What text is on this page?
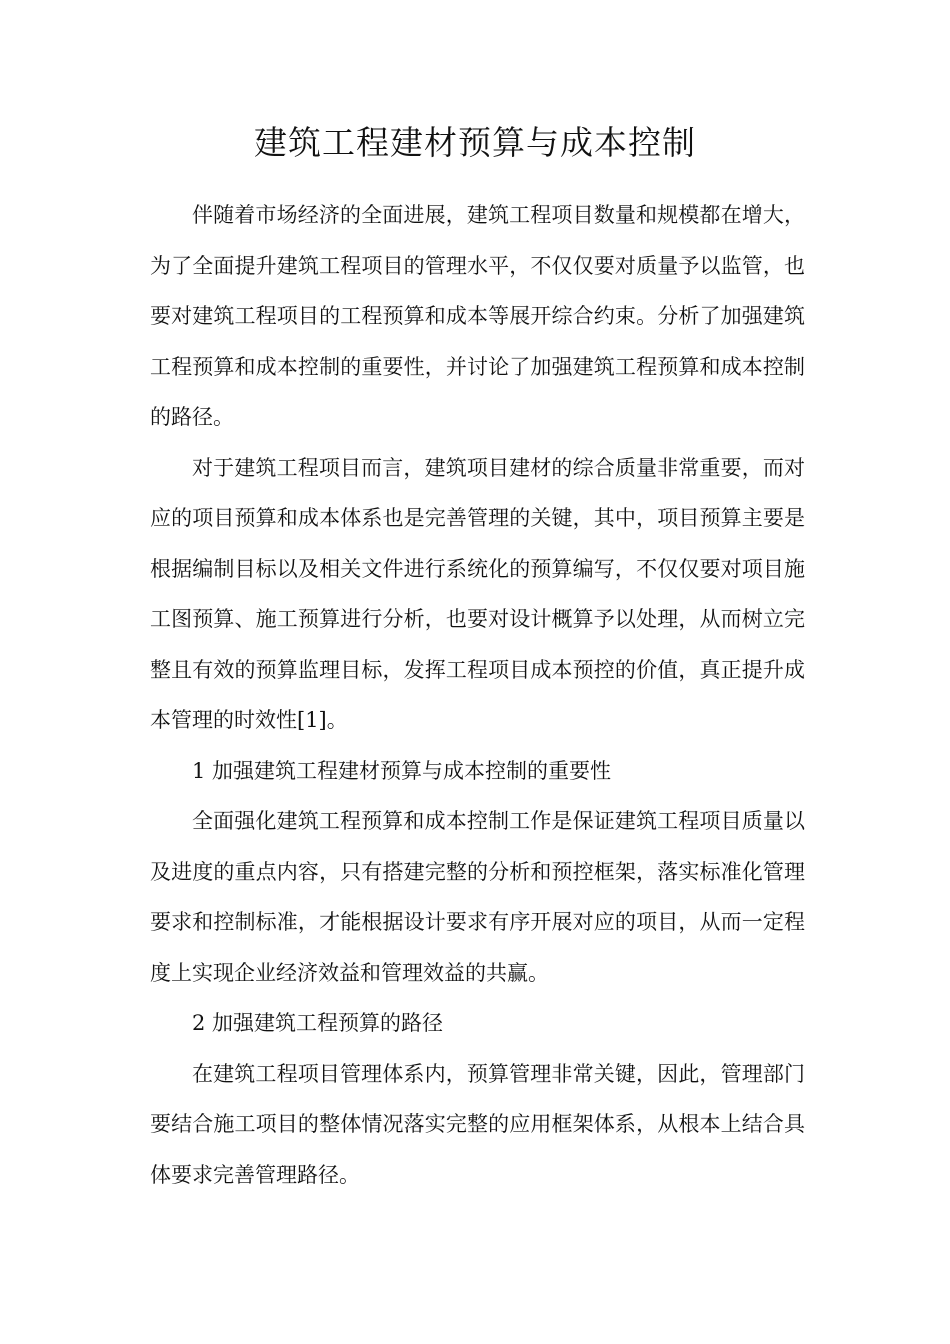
建筑工程建材预算与成本控制

伴随着市场经济的全面进展，建筑工程项目数量和规模都在增大，为了全面提升建筑工程项目的管理水平，不仅仅要对质量予以监管，也要对建筑工程项目的工程预算和成本等展开综合约束。分析了加强建筑工程预算和成本控制的重要性，并讨论了加强建筑工程预算和成本控制的路径。

对于建筑工程项目而言，建筑项目建材的综合质量非常重要，而对应的项目预算和成本体系也是完善管理的关键，其中，项目预算主要是根据编制目标以及相关文件进行系统化的预算编写，不仅仅要对项目施工图预算、施工预算进行分析，也要对设计概算予以处理，从而树立完整且有效的预算监理目标，发挥工程项目成本预控的价值，真正提升成本管理的时效性[1]。

1 加强建筑工程建材预算与成本控制的重要性

全面强化建筑工程预算和成本控制工作是保证建筑工程项目质量以及进度的重点内容，只有搭建完整的分析和预控框架，落实标准化管理要求和控制标准，才能根据设计要求有序开展对应的项目，从而一定程度上实现企业经济效益和管理效益的共赢。

2 加强建筑工程预算的路径

在建筑工程项目管理体系内，预算管理非常关键，因此，管理部门要结合施工项目的整体情况落实完整的应用框架体系，从根本上结合具体要求完善管理路径。
